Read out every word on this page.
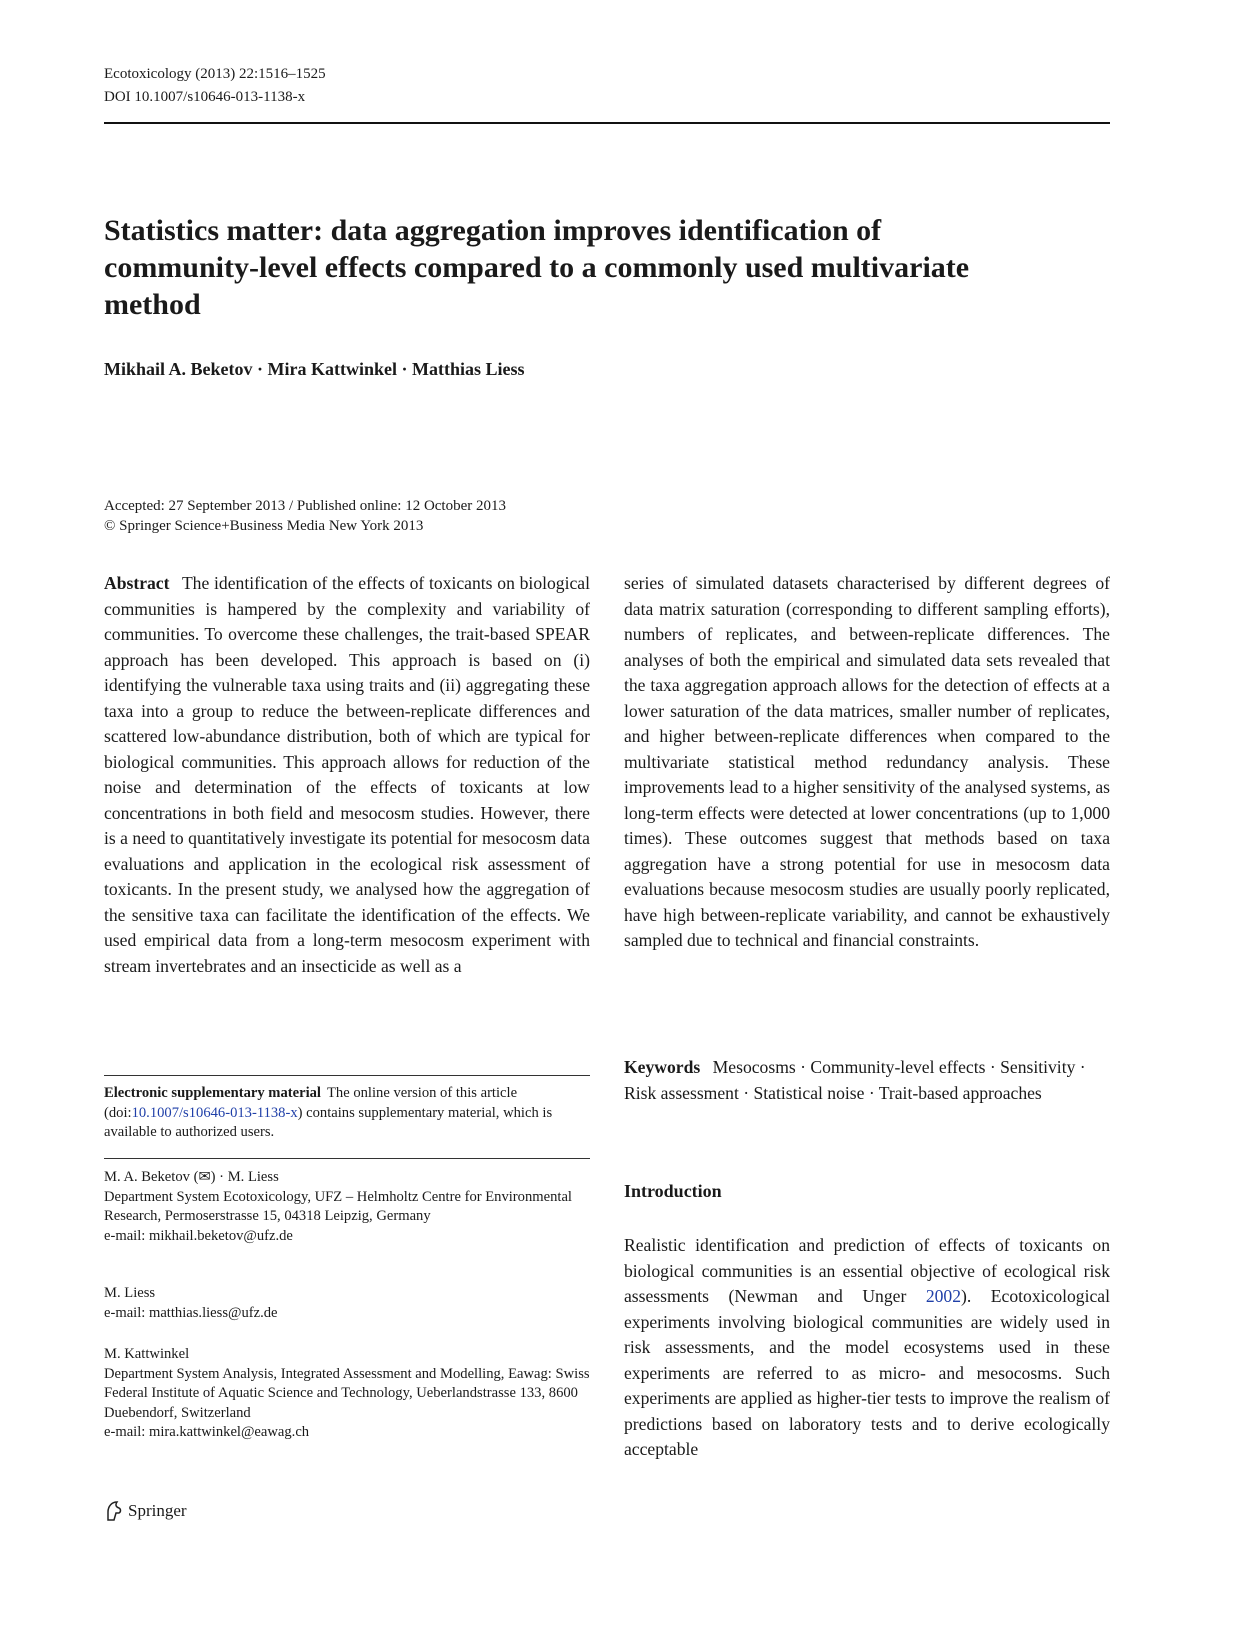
Ecotoxicology (2013) 22:1516–1525
DOI 10.1007/s10646-013-1138-x
Statistics matter: data aggregation improves identification of community-level effects compared to a commonly used multivariate method
Mikhail A. Beketov · Mira Kattwinkel · Matthias Liess
Accepted: 27 September 2013 / Published online: 12 October 2013
© Springer Science+Business Media New York 2013
Abstract The identification of the effects of toxicants on biological communities is hampered by the complexity and variability of communities. To overcome these challenges, the trait-based SPEAR approach has been developed. This approach is based on (i) identifying the vulnerable taxa using traits and (ii) aggregating these taxa into a group to reduce the between-replicate differences and scattered low-abundance distribution, both of which are typical for biological communities. This approach allows for reduction of the noise and determination of the effects of toxicants at low concentrations in both field and mesocosm studies. However, there is a need to quantitatively investigate its potential for mesocosm data evaluations and application in the ecological risk assessment of toxicants. In the present study, we analysed how the aggregation of the sensitive taxa can facilitate the identification of the effects. We used empirical data from a long-term mesocosm experiment with stream invertebrates and an insecticide as well as a
series of simulated datasets characterised by different degrees of data matrix saturation (corresponding to different sampling efforts), numbers of replicates, and between-replicate differences. The analyses of both the empirical and simulated data sets revealed that the taxa aggregation approach allows for the detection of effects at a lower saturation of the data matrices, smaller number of replicates, and higher between-replicate differences when compared to the multivariate statistical method redundancy analysis. These improvements lead to a higher sensitivity of the analysed systems, as long-term effects were detected at lower concentrations (up to 1,000 times). These outcomes suggest that methods based on taxa aggregation have a strong potential for use in mesocosm data evaluations because mesocosm studies are usually poorly replicated, have high between-replicate variability, and cannot be exhaustively sampled due to technical and financial constraints.
Keywords Mesocosms · Community-level effects · Sensitivity · Risk assessment · Statistical noise · Trait-based approaches
Electronic supplementary material The online version of this article (doi:10.1007/s10646-013-1138-x) contains supplementary material, which is available to authorized users.
M. A. Beketov (✉) · M. Liess
Department System Ecotoxicology, UFZ – Helmholtz Centre for Environmental Research, Permoserstrasse 15, 04318 Leipzig, Germany
e-mail: mikhail.beketov@ufz.de
M. Liess
e-mail: matthias.liess@ufz.de
M. Kattwinkel
Department System Analysis, Integrated Assessment and Modelling, Eawag: Swiss Federal Institute of Aquatic Science and Technology, Ueberlandstrasse 133, 8600 Duebendorf, Switzerland
e-mail: mira.kattwinkel@eawag.ch
Introduction
Realistic identification and prediction of effects of toxicants on biological communities is an essential objective of ecological risk assessments (Newman and Unger 2002). Ecotoxicological experiments involving biological communities are widely used in risk assessments, and the model ecosystems used in these experiments are referred to as micro- and mesocosms. Such experiments are applied as higher-tier tests to improve the realism of predictions based on laboratory tests and to derive ecologically acceptable
Springer
